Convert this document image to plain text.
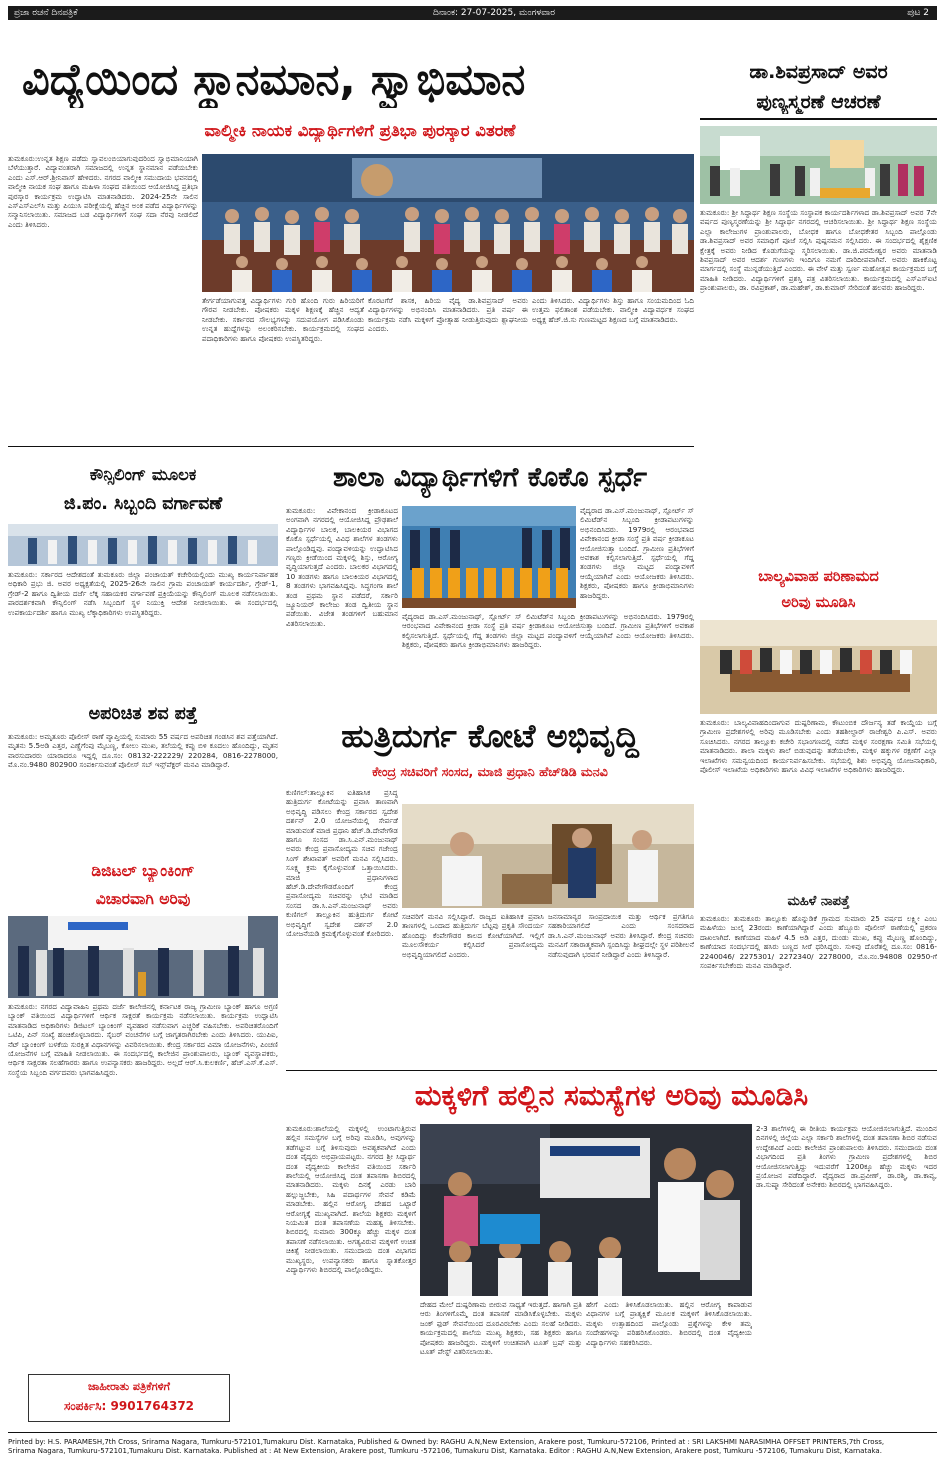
ಪ್ರಜಾ ರಚನೆ ದಿನಪತ್ರಿಕೆ	ದಿನಾಂಕ: 27-07-2025, ಮಂಗಳವಾರ	ಪುಟ 2
ವಿದ್ಯೆಯಿಂದ ಸ್ಥಾನಮಾನ, ಸ್ವಾಭಿಮಾನ
ವಾಲ್ಮೀಕಿ ನಾಯಕ ವಿದ್ಯಾರ್ಥಿಗಳಿಗೆ ಪ್ರತಿಭಾ ಪುರಸ್ಕಾರ ವಿತರಣೆ
ತುಮಕೂರು:ಉನ್ನತ ಶಿಕ್ಷಣ ಪಡೆದು ಸ್ವಾವಲಂಬಿಯಾಗುವುದರಿಂದ ಸ್ವಾಭಿಮಾನಿಯಾಗಿ ಬೆಳೆಯುತ್ತಾರೆ. ವಿದ್ಯಾವಂತರಾಗಿ ಸಮಾಜದಲ್ಲಿ ಉನ್ನತ ಸ್ಥಾನಮಾನ ಪಡೆಯಬೇಕು ಎಂದು ಎಸ್.ಆರ್.ಶ್ರೀನಿವಾಸ್ ಹೇಳಿದರು. ನಗರದ ವಾಲ್ಮೀಕಿ ಸಮುದಾಯ ಭವನದಲ್ಲಿ ವಾಲ್ಮೀಕಿ ನಾಯಕ ಸಂಘ ಹಾಗೂ ಮಹಿಳಾ ಸಂಘದ ವತಿಯಿಂದ ಆಯೋಜಿಸಿದ್ದ ಪ್ರತಿಭಾ ಪುರಸ್ಕಾರ ಕಾರ್ಯಕ್ರಮ ಉದ್ಘಾಟಿಸಿ ಮಾತನಾಡಿದರು. 2024-25ನೇ ಸಾಲಿನ ಎಸ್‌ಎಸ್‌ಎಲ್‌ಸಿ ಮತ್ತು ಪಿಯುಸಿ ಪರೀಕ್ಷೆಯಲ್ಲಿ ಹೆಚ್ಚಿನ ಅಂಕ ಪಡೆದ ವಿದ್ಯಾರ್ಥಿಗಳನ್ನು ಸನ್ಮಾನಿಸಲಾಯಿತು. ಸಮಾಜದ ಬಡ ವಿದ್ಯಾರ್ಥಿಗಳಿಗೆ ಸಂಘ ಸದಾ ನೆರವು ನೀಡಲಿದೆ ಎಂದು ತಿಳಿಸಿದರು.
ತೇರ್ಗಡೆಯಾಗುವತ್ತ ವಿದ್ಯಾರ್ಥಿಗಳು ಗುರಿ ಹೊಂದಿ ಗುರು ಹಿರಿಯರಿಗೆ ಗೌರವ ನೀಡಬೇಕು. ಪೋಷಕರು ಮಕ್ಕಳ ಶಿಕ್ಷಣಕ್ಕೆ ಹೆಚ್ಚಿನ ಆದ್ಯತೆ ನೀಡಬೇಕು. ಸರ್ಕಾರದ ಸೌಲಭ್ಯಗಳನ್ನು ಸದುಪಯೋಗ ಪಡಿಸಿಕೊಂಡು ಉನ್ನತ ಹುದ್ದೆಗಳನ್ನು ಅಲಂಕರಿಸಬೇಕು. ಕಾರ್ಯಕ್ರಮದಲ್ಲಿ ಸಂಘದ ಪದಾಧಿಕಾರಿಗಳು ಹಾಗೂ ಪೋಷಕರು ಉಪಸ್ಥಿತರಿದ್ದರು.
ಕೊರಟಗೆರೆ ಶಾಸಕ, ಹಿರಿಯ ವೈದ್ಯ ಡಾ.ಶಿವಪ್ರಸಾದ್ ಅವರು ವಿದ್ಯಾರ್ಥಿಗಳನ್ನು ಅಭಿನಂದಿಸಿ ಮಾತನಾಡಿದರು. ಪ್ರತಿ ವರ್ಷ ಈ ಕಾರ್ಯಕ್ರಮ ನಡೆಸಿ ಮಕ್ಕಳಿಗೆ ಪ್ರೋತ್ಸಾಹ ನೀಡುತ್ತಿರುವುದು ಶ್ಲಾಘನೀಯ ಎಂದರು.
ಎಂದು ತಿಳಿಸಿದರು. ವಿದ್ಯಾರ್ಥಿಗಳು ಶಿಸ್ತು ಹಾಗೂ ಸಂಯಮದಿಂದ ಓದಿ ಉತ್ತಮ ಫಲಿತಾಂಶ ಪಡೆಯಬೇಕು. ವಾಲ್ಮೀಕಿ ವಿದ್ಯಾವರ್ಧಕ ಸಂಘದ ಅಧ್ಯಕ್ಷ ಹೆಚ್.ಜಿ.ಸು ಗುಣಮಟ್ಟದ ಶಿಕ್ಷಣದ ಬಗ್ಗೆ ಮಾತನಾಡಿದರು.
ಡಾ.ಶಿವಪ್ರಸಾದ್ ಅವರ
ಪುಣ್ಯಸ್ಮರಣೆ ಆಚರಣೆ
ತುಮಕೂರು: ಶ್ರೀ ಸಿದ್ಧಾರ್ಥ ಶಿಕ್ಷಣ ಸಂಸ್ಥೆಯ ಸಂಸ್ಥಾಪಕ ಕಾರ್ಯದರ್ಶಿಗಳಾದ ಡಾ.ಶಿವಪ್ರಸಾದ್ ಅವರ 7ನೇ ವರ್ಷದ ಪುಣ್ಯಸ್ಮರಣೆಯನ್ನು ಶ್ರೀ ಸಿದ್ಧಾರ್ಥ ನಗರದಲ್ಲಿ ಆಚರಿಸಲಾಯಿತು. ಶ್ರೀ ಸಿದ್ಧಾರ್ಥ ಶಿಕ್ಷಣ ಸಂಸ್ಥೆಯ ಎಲ್ಲಾ ಕಾಲೇಜುಗಳ ಪ್ರಾಂಶುಪಾಲರು, ಬೋಧಕ ಹಾಗೂ ಬೋಧಕೇತರ ಸಿಬ್ಬಂದಿ ಪಾಲ್ಗೊಂಡು ಡಾ.ಶಿವಪ್ರಸಾದ್ ಅವರ ಸಮಾಧಿಗೆ ಪೂಜೆ ಸಲ್ಲಿಸಿ ಪುಷ್ಪನಮನ ಸಲ್ಲಿಸಿದರು. ಈ ಸಂದರ್ಭದಲ್ಲಿ ಶೈಕ್ಷಣಿಕ ಕ್ಷೇತ್ರಕ್ಕೆ ಅವರು ನೀಡಿದ ಕೊಡುಗೆಯನ್ನು ಸ್ಮರಿಸಲಾಯಿತು. ಡಾ.ಜಿ.ಪರಮೇಶ್ವರ ಅವರು ಮಾತನಾಡಿ ಶಿವಪ್ರಸಾದ್ ಅವರ ಆದರ್ಶ ಗುಣಗಳು ಇಂದಿಗೂ ನಮಗೆ ದಾರಿದೀಪವಾಗಿವೆ. ಅವರು ಹಾಕಿಕೊಟ್ಟ ಮಾರ್ಗದಲ್ಲಿ ಸಂಸ್ಥೆ ಮುನ್ನಡೆಯುತ್ತಿದೆ ಎಂದರು. ಈ ವೇಳೆ ಮತ್ತು ಸ್ವರ್ಣ ಮಹೋತ್ಸವ ಕಾರ್ಯಕ್ರಮದ ಬಗ್ಗೆ ಮಾಹಿತಿ ನೀಡಿದರು. ವಿದ್ಯಾರ್ಥಿಗಳಿಗೆ ಪ್ರಶಸ್ತಿ ಪತ್ರ ವಿತರಿಸಲಾಯಿತು. ಕಾರ್ಯಕ್ರಮದಲ್ಲಿ ಎಸ್‌ಎಸ್‌ಐಟಿ ಪ್ರಾಂಶುಪಾಲರು, ಡಾ. ರವಿಪ್ರಕಾಶ್, ಡಾ.ಮಹೇಶ್, ಡಾ.ಕುಮಾರ್ ಸೇರಿದಂತೆ ಹಲವರು ಹಾಜರಿದ್ದರು.
ಕೌನ್ಸಿಲಿಂಗ್ ಮೂಲಕ
ಜಿ.ಪಂ. ಸಿಬ್ಬಂದಿ ವರ್ಗಾವಣೆ
ತುಮಕೂರು: ಸರ್ಕಾರದ ಆದೇಶದಂತೆ ತುಮಕೂರು ಜಿಲ್ಲಾ ಪಂಚಾಯತ್ ಕಚೇರಿಯಲ್ಲಿಂದು ಮುಖ್ಯ ಕಾರ್ಯನಿರ್ವಾಹಕ ಅಧಿಕಾರಿ ಪ್ರಭು ಜಿ. ಅವರ ಅಧ್ಯಕ್ಷತೆಯಲ್ಲಿ 2025-26ನೇ ಸಾಲಿನ ಗ್ರಾಮ ಪಂಚಾಯತ್ ಕಾರ್ಯದರ್ಶಿ, ಗ್ರೇಡ್-1, ಗ್ರೇಡ್-2 ಹಾಗೂ ದ್ವಿತೀಯ ದರ್ಜೆ ಲೆಕ್ಕ ಸಹಾಯಕರ ವರ್ಗಾವಣೆ ಪ್ರಕ್ರಿಯೆಯನ್ನು ಕೌನ್ಸಿಲಿಂಗ್ ಮೂಲಕ ನಡೆಸಲಾಯಿತು. ಪಾರದರ್ಶಕವಾಗಿ ಕೌನ್ಸಿಲಿಂಗ್ ನಡೆಸಿ ಸಿಬ್ಬಂದಿಗೆ ಸ್ಥಳ ನಿಯುಕ್ತಿ ಆದೇಶ ನೀಡಲಾಯಿತು. ಈ ಸಂದರ್ಭದಲ್ಲಿ ಉಪಕಾರ್ಯದರ್ಶಿ ಹಾಗೂ ಮುಖ್ಯ ಲೆಕ್ಕಾಧಿಕಾರಿಗಳು ಉಪಸ್ಥಿತರಿದ್ದರು.
ಅಪರಿಚಿತ ಶವ ಪತ್ತೆ
ತುಮಕೂರು: ಅಮೃತೂರು ಪೊಲೀಸ್ ಠಾಣೆ ವ್ಯಾಪ್ತಿಯಲ್ಲಿ ಸುಮಾರು 55 ವರ್ಷದ ಅಪರಿಚಿತ ಗಂಡಸಿನ ಶವ ಪತ್ತೆಯಾಗಿದೆ. ಮೃತನು 5.5ಅಡಿ ಎತ್ತರ, ಎಣ್ಣೆಗೆಂಪು ಮೈಬಣ್ಣ, ಕೋಲು ಮುಖ, ತಲೆಯಲ್ಲಿ ಕಪ್ಪು ಬಿಳಿ ಕೂದಲು ಹೊಂದಿದ್ದು, ಮೃತನ ವಾರಸುದಾರರು ಯಾರಾದರೂ ಇದ್ದಲ್ಲಿ ದೂ.ಸಂ: 08132-222229/ 220284, 0816-2278000, ಮೊ.ನಂ.9480 802900 ಸಂಪರ್ಕಿಸುವಂತೆ ಪೊಲೀಸ್ ಸಬ್ ಇನ್ಸ್‌ಪೆಕ್ಟರ್ ಮನವಿ ಮಾಡಿದ್ದಾರೆ.
ಡಿಜಿಟಲ್ ಬ್ಯಾಂಕಿಂಗ್
ವಿಚಾರವಾಗಿ ಅರಿವು
ತುಮಕೂರು: ನಗರದ ವಿದ್ಯಾವಾಹಿನಿ ಪ್ರಥಮ ದರ್ಜೆ ಕಾಲೇಜಿನಲ್ಲಿ ಕರ್ನಾಟಕ ರಾಜ್ಯ ಗ್ರಾಮೀಣ ಬ್ಯಾಂಕ್ ಹಾಗೂ ಅಗ್ರಣಿ ಬ್ಯಾಂಕ್ ವತಿಯಿಂದ ವಿದ್ಯಾರ್ಥಿಗಳಿಗೆ ಆರ್ಥಿಕ ಸಾಕ್ಷರತೆ ಕಾರ್ಯಕ್ರಮ ನಡೆಸಲಾಯಿತು. ಕಾರ್ಯಕ್ರಮ ಉದ್ಘಾಟಿಸಿ ಮಾತನಾಡಿದ ಅಧಿಕಾರಿಗಳು ಡಿಜಿಟಲ್ ಬ್ಯಾಂಕಿಂಗ್ ವ್ಯವಹಾರ ನಡೆಸುವಾಗ ಎಚ್ಚರಿಕೆ ವಹಿಸಬೇಕು. ಅಪರಿಚಿತರೊಂದಿಗೆ ಒಟಿಪಿ, ಪಿನ್ ಸಂಖ್ಯೆ ಹಂಚಿಕೊಳ್ಳಬಾರದು. ಸೈಬರ್ ವಂಚನೆಗಳ ಬಗ್ಗೆ ಜಾಗೃತರಾಗಿರಬೇಕು ಎಂದು ತಿಳಿಸಿದರು. ಯುಪಿಐ, ನೆಟ್ ಬ್ಯಾಂಕಿಂಗ್ ಬಳಕೆಯ ಸುರಕ್ಷಿತ ವಿಧಾನಗಳನ್ನು ವಿವರಿಸಲಾಯಿತು. ಕೇಂದ್ರ ಸರ್ಕಾರದ ವಿಮಾ ಯೋಜನೆಗಳು, ಪಿಂಚಣಿ ಯೋಜನೆಗಳ ಬಗ್ಗೆ ಮಾಹಿತಿ ನೀಡಲಾಯಿತು. ಈ ಸಂದರ್ಭದಲ್ಲಿ ಕಾಲೇಜಿನ ಪ್ರಾಂಶುಪಾಲರು, ಬ್ಯಾಂಕ್ ವ್ಯವಸ್ಥಾಪಕರು, ಆರ್ಥಿಕ ಸಾಕ್ಷರತಾ ಸಲಹೆಗಾರರು ಹಾಗೂ ಉಪನ್ಯಾಸಕರು ಹಾಜರಿದ್ದರು. ಅಲ್ಲದೆ ಆರ್.ಸಿ.ಕುಲಕರ್ಣಿ, ಹೆಚ್.ಎಸ್.ಕೆ.ಎಸ್. ಸಂಸ್ಥೆಯ ಸಿಬ್ಬಂದಿ ವರ್ಗದವರು ಭಾಗವಹಿಸಿದ್ದರು.
ಜಾಹೀರಾತು ಪತ್ರಿಕೆಗಳಿಗೆ
ಸಂಪರ್ಕಿಸಿ: 9901764372
ಶಾಲಾ ವಿದ್ಯಾರ್ಥಿಗಳಿಗೆ ಕೊಕೊ ಸ್ಪರ್ಧೆ
ತುಮಕೂರು: ವಿವೇಕಾನಂದ ಕ್ರೀಡಾಕೂಟದ ಅಂಗವಾಗಿ ನಗರದಲ್ಲಿ ಆಯೋಜಿಸಿದ್ದ ಪ್ರೌಢಶಾಲೆ ವಿದ್ಯಾರ್ಥಿಗಳ ಬಾಲಕ, ಬಾಲಕಿಯರ ವಿಭಾಗದ ಕೊಕೊ ಸ್ಪರ್ಧೆಯಲ್ಲಿ ವಿವಿಧ ಶಾಲೆಗಳ ತಂಡಗಳು ಪಾಲ್ಗೊಂಡಿದ್ದವು. ಪಂದ್ಯಾವಳಿಯನ್ನು ಉದ್ಘಾಟಿಸಿದ ಗಣ್ಯರು ಕ್ರೀಡೆಯಿಂದ ಮಕ್ಕಳಲ್ಲಿ ಶಿಸ್ತು, ಆರೋಗ್ಯ ವೃದ್ಧಿಯಾಗುತ್ತದೆ ಎಂದರು. ಬಾಲಕರ ವಿಭಾಗದಲ್ಲಿ 10 ತಂಡಗಳು ಹಾಗೂ ಬಾಲಕಿಯರ ವಿಭಾಗದಲ್ಲಿ 8 ತಂಡಗಳು ಭಾಗವಹಿಸಿದ್ದವು. ಸಿದ್ಧಗಂಗಾ ಶಾಲೆ ತಂಡ ಪ್ರಥಮ ಸ್ಥಾನ ಪಡೆದರೆ, ಸರ್ಕಾರಿ ಜ್ಯೂನಿಯರ್ ಕಾಲೇಜು ತಂಡ ದ್ವಿತೀಯ ಸ್ಥಾನ ಪಡೆಯಿತು. ವಿಜೇತ ತಂಡಗಳಿಗೆ ಬಹುಮಾನ ವಿತರಿಸಲಾಯಿತು.
ವೈದ್ಯರಾದ ಡಾ.ಎಸ್.ಮಂಜುನಾಥ್, ಸ್ಪೋರ್ಟ್ ಸ್ ಲಿಮಿಟೆಡ್‌ನ ಸಿಬ್ಬಂದಿ ಕ್ರೀಡಾಪಟುಗಳನ್ನು ಅಭಿನಂದಿಸಿದರು. 1979ರಲ್ಲಿ ಆರಂಭವಾದ ವಿವೇಕಾನಂದ ಕ್ರೀಡಾ ಸಂಸ್ಥೆ ಪ್ರತಿ ವರ್ಷ ಕ್ರೀಡಾಕೂಟ ಆಯೋಜಿಸುತ್ತಾ ಬಂದಿದೆ. ಗ್ರಾಮೀಣ ಪ್ರತಿಭೆಗಳಿಗೆ ಅವಕಾಶ ಕಲ್ಪಿಸಲಾಗುತ್ತಿದೆ. ಸ್ಪರ್ಧೆಯಲ್ಲಿ ಗೆದ್ದ ತಂಡಗಳು ಜಿಲ್ಲಾ ಮಟ್ಟದ ಪಂದ್ಯಾವಳಿಗೆ ಆಯ್ಕೆಯಾಗಿವೆ ಎಂದು ಆಯೋಜಕರು ತಿಳಿಸಿದರು. ಶಿಕ್ಷಕರು, ಪೋಷಕರು ಹಾಗೂ ಕ್ರೀಡಾಭಿಮಾನಿಗಳು ಹಾಜರಿದ್ದರು.
ವೈದ್ಯರಾದ ಡಾ.ಎಸ್.ಮಂಜುನಾಥ್, ಸ್ಪೋರ್ಟ್ ಸ್ ಲಿಮಿಟೆಡ್‌ನ ಸಿಬ್ಬಂದಿ ಕ್ರೀಡಾಪಟುಗಳನ್ನು ಅಭಿನಂದಿಸಿದರು. 1979ರಲ್ಲಿ ಆರಂಭವಾದ ವಿವೇಕಾನಂದ ಕ್ರೀಡಾ ಸಂಸ್ಥೆ ಪ್ರತಿ ವರ್ಷ ಕ್ರೀಡಾಕೂಟ ಆಯೋಜಿಸುತ್ತಾ ಬಂದಿದೆ. ಗ್ರಾಮೀಣ ಪ್ರತಿಭೆಗಳಿಗೆ ಅವಕಾಶ ಕಲ್ಪಿಸಲಾಗುತ್ತಿದೆ. ಸ್ಪರ್ಧೆಯಲ್ಲಿ ಗೆದ್ದ ತಂಡಗಳು ಜಿಲ್ಲಾ ಮಟ್ಟದ ಪಂದ್ಯಾವಳಿಗೆ ಆಯ್ಕೆಯಾಗಿವೆ ಎಂದು ಆಯೋಜಕರು ತಿಳಿಸಿದರು. ಶಿಕ್ಷಕರು, ಪೋಷಕರು ಹಾಗೂ ಕ್ರೀಡಾಭಿಮಾನಿಗಳು ಹಾಜರಿದ್ದರು.
ಬಾಲ್ಯವಿವಾಹ ಪರಿಣಾಮದ
ಅರಿವು ಮೂಡಿಸಿ
ತುಮಕೂರು: ಬಾಲ್ಯವಿವಾಹದಿಂದಾಗುವ ದುಷ್ಪರಿಣಾಮ, ಕೌಟುಂಬಿಕ ದೌರ್ಜನ್ಯ ತಡೆ ಕಾಯ್ದೆಯ ಬಗ್ಗೆ ಗ್ರಾಮೀಣ ಪ್ರದೇಶಗಳಲ್ಲಿ ಅರಿವು ಮೂಡಿಸಬೇಕು ಎಂದು ತಹಶೀಲ್ದಾರ್ ರಾಜೇಶ್ವರಿ ಪಿ.ಎಸ್. ಅವರು ಸೂಚಿಸಿದರು. ನಗರದ ತಾಲ್ಲೂಕು ಕಚೇರಿ ಸಭಾಂಗಣದಲ್ಲಿ ನಡೆದ ಮಕ್ಕಳ ಸಂರಕ್ಷಣಾ ಸಮಿತಿ ಸಭೆಯಲ್ಲಿ ಮಾತನಾಡಿದರು. ಶಾಲಾ ಮಕ್ಕಳು ಶಾಲೆ ಬಿಡುವುದನ್ನು ತಡೆಯಬೇಕು, ಮಕ್ಕಳ ಹಕ್ಕುಗಳ ರಕ್ಷಣೆಗೆ ಎಲ್ಲಾ ಇಲಾಖೆಗಳು ಸಮನ್ವಯದಿಂದ ಕಾರ್ಯನಿರ್ವಹಿಸಬೇಕು. ಸಭೆಯಲ್ಲಿ ಶಿಶು ಅಭಿವೃದ್ಧಿ ಯೋಜನಾಧಿಕಾರಿ, ಪೊಲೀಸ್ ಇಲಾಖೆಯ ಅಧಿಕಾರಿಗಳು ಹಾಗೂ ವಿವಿಧ ಇಲಾಖೆಗಳ ಅಧಿಕಾರಿಗಳು ಹಾಜರಿದ್ದರು.
ಮಹಿಳೆ ನಾಪತ್ತೆ
ತುಮಕೂರು: ತುಮಕೂರು ತಾಲ್ಲೂಕು ಹೊನ್ನುಡಿಕೆ ಗ್ರಾಮದ ಸುಮಾರು 25 ವರ್ಷದ ಲಕ್ಷ್ಮೀ ಎಂಬ ಮಹಿಳೆಯು ಜುಲೈ 23ರಂದು ಕಾಣೆಯಾಗಿದ್ದಾರೆ ಎಂದು ಹೆಬ್ಬೂರು ಪೊಲೀಸ್ ಠಾಣೆಯಲ್ಲಿ ಪ್ರಕರಣ ದಾಖಲಾಗಿದೆ. ಕಾಣೆಯಾದ ಮಹಿಳೆ 4.5 ಅಡಿ ಎತ್ತರ, ದುಂಡು ಮುಖ, ಕಪ್ಪು ಮೈಬಣ್ಣ ಹೊಂದಿದ್ದು, ಕಾಣೆಯಾದ ಸಂದರ್ಭದಲ್ಲಿ ಹಸಿರು ಬಣ್ಣದ ಸೀರೆ ಧರಿಸಿದ್ದರು. ಸುಳಿವು ದೊರೆತಲ್ಲಿ ದೂ.ಸಂ: 0816-2240046/ 2275301/ 2272340/ 2278000, ಮೊ.ನಂ.94808 02950-ಗೆ ಸಂಪರ್ಕಿಸಬೇಕೆಂದು ಮನವಿ ಮಾಡಿದ್ದಾರೆ.
ಹುತ್ರಿದುರ್ಗ ಕೋಟೆ ಅಭಿವೃದ್ಧಿ
ಕೇಂದ್ರ ಸಚಿವರಿಗೆ ಸಂಸದ, ಮಾಜಿ ಪ್ರಧಾನಿ ಹೆಚ್‌ಡಿಡಿ ಮನವಿ
ಕುಣಿಗಲ್:ತಾಲ್ಲೂಕಿನ ಐತಿಹಾಸಿಕ ಪ್ರಸಿದ್ಧ ಹುತ್ರಿದುರ್ಗ ಕೋಟೆಯನ್ನು ಪ್ರವಾಸಿ ತಾಣವಾಗಿ ಅಭಿವೃದ್ಧಿ ಪಡಿಸಲು ಕೇಂದ್ರ ಸರ್ಕಾರದ ಸ್ವದೇಶ ದರ್ಶನ್ 2.0 ಯೋಜನೆಯಲ್ಲಿ ಸೇರ್ಪಡೆ ಮಾಡುವಂತೆ ಮಾಜಿ ಪ್ರಧಾನಿ ಹೆಚ್.ಡಿ.ದೇವೇಗೌಡ ಹಾಗೂ ಸಂಸದ ಡಾ.ಸಿ.ಎನ್.ಮಂಜುನಾಥ್ ಅವರು ಕೇಂದ್ರ ಪ್ರವಾಸೋದ್ಯಮ ಸಚಿವ ಗಜೇಂದ್ರ ಸಿಂಗ್ ಶೇಖಾವತ್ ಅವರಿಗೆ ಮನವಿ ಸಲ್ಲಿಸಿದರು. ಸೂಕ್ಷ್ಮ ಕ್ರಮ ಕೈಗೊಳ್ಳುವಂತೆ ಒತ್ತಾಯಿಸಿದರು. ಮಾಜಿ ಪ್ರಧಾನಿಗಳಾದ ಹೆಚ್.ಡಿ.ದೇವೇಗೌಡರೊಂದಿಗೆ ಕೇಂದ್ರ ಪ್ರವಾಸೋದ್ಯಮ ಸಚಿವರನ್ನು ಭೇಟಿ ಮಾಡಿದ ಸಂಸದ ಡಾ.ಸಿ.ಎನ್.ಮಂಜುನಾಥ್ ಅವರು ಕುಣಿಗಲ್ ತಾಲ್ಲೂಕಿನ ಹುತ್ರಿದುರ್ಗ ಕೋಟೆ ಅಭಿವೃದ್ಧಿಗೆ ಸ್ವದೇಶ ದರ್ಶನ್ 2.0 ಯೋಜನೆಯಡಿ ಕ್ರಮಕೈಗೊಳ್ಳುವಂತೆ ಕೋರಿದರು.
ಸಚಿವರಿಗೆ ಮನವಿ ಸಲ್ಲಿಸಿದ್ದಾರೆ. ರಾಜ್ಯದ ಐತಿಹಾಸಿಕ ಪ್ರವಾಸಿ ತಾಣಗಳಲ್ಲಿ ಒಂದಾದ ಹುತ್ರಿದುರ್ಗ ಬೆಟ್ಟವು ಪ್ರಕೃತಿ ಸೌಂದರ್ಯ ಹೊಂದಿದ್ದು ಕೆಂಪೇಗೌಡರ ಕಾಲದ ಕೋಟೆಯಾಗಿದೆ. ಇಲ್ಲಿಗೆ ಮೂಲಸೌಕರ್ಯ ಕಲ್ಪಿಸಿದರೆ ಪ್ರವಾಸೋದ್ಯಮ ಅಭಿವೃದ್ಧಿಯಾಗಲಿದೆ ಎಂದರು.
ಜನಸಾಮಾನ್ಯರ ಸಾಂಪ್ರದಾಯಿಕ ಮತ್ತು ಆರ್ಥಿಕ ಪ್ರಗತಿಗೂ ಸಹಕಾರಿಯಾಗಲಿದೆ ಎಂದು ಸಂಸದರಾದ ಡಾ.ಸಿ.ಎನ್.ಮಂಜುನಾಥ್ ಅವರು ತಿಳಿಸಿದ್ದಾರೆ. ಕೇಂದ್ರ ಸಚಿವರು ಮನವಿಗೆ ಸಕಾರಾತ್ಮಕವಾಗಿ ಸ್ಪಂದಿಸಿದ್ದು ಶೀಘ್ರದಲ್ಲೇ ಸ್ಥಳ ಪರಿಶೀಲನೆ ನಡೆಸುವುದಾಗಿ ಭರವಸೆ ನೀಡಿದ್ದಾರೆ ಎಂದು ತಿಳಿಸಿದ್ದಾರೆ.
ಮಕ್ಕಳಿಗೆ ಹಲ್ಲಿನ ಸಮಸ್ಯೆಗಳ ಅರಿವು ಮೂಡಿಸಿ
ತುಮಕೂರು:ಶಾಲೆಯಲ್ಲಿ ಮಕ್ಕಳಲ್ಲಿ ಉಂಟಾಗುತ್ತಿರುವ ಹಲ್ಲಿನ ಸಮಸ್ಯೆಗಳ ಬಗ್ಗೆ ಅರಿವು ಮೂಡಿಸಿ, ಅವುಗಳನ್ನು ತಡೆಗಟ್ಟುವ ಬಗ್ಗೆ ತಿಳಿಸುವುದು ಅವಶ್ಯಕವಾಗಿದೆ ಎಂದು ದಂತ ವೈದ್ಯರು ಅಭಿಪ್ರಾಯಪಟ್ಟರು. ನಗರದ ಶ್ರೀ ಸಿದ್ಧಾರ್ಥ ದಂತ ವೈದ್ಯಕೀಯ ಕಾಲೇಜಿನ ವತಿಯಿಂದ ಸರ್ಕಾರಿ ಶಾಲೆಯಲ್ಲಿ ಆಯೋಜಿಸಿದ್ದ ದಂತ ತಪಾಸಣಾ ಶಿಬಿರದಲ್ಲಿ ಮಾತನಾಡಿದರು. ಮಕ್ಕಳು ದಿನಕ್ಕೆ ಎರಡು ಬಾರಿ ಹಲ್ಲುಜ್ಜಬೇಕು, ಸಿಹಿ ಪದಾರ್ಥಗಳ ಸೇವನೆ ಕಡಿಮೆ ಮಾಡಬೇಕು. ಹಲ್ಲಿನ ಆರೋಗ್ಯ ದೇಹದ ಒಟ್ಟಾರೆ ಆರೋಗ್ಯಕ್ಕೆ ಮುಖ್ಯವಾಗಿದೆ. ಶಾಲೆಯ ಶಿಕ್ಷಕರು ಮಕ್ಕಳಿಗೆ ನಿಯಮಿತ ದಂತ ತಪಾಸಣೆಯ ಮಹತ್ವ ತಿಳಿಸಬೇಕು. ಶಿಬಿರದಲ್ಲಿ ಸುಮಾರು 300ಕ್ಕೂ ಹೆಚ್ಚು ಮಕ್ಕಳ ದಂತ ತಪಾಸಣೆ ನಡೆಸಲಾಯಿತು. ಅಗತ್ಯವಿರುವ ಮಕ್ಕಳಿಗೆ ಉಚಿತ ಚಿಕಿತ್ಸೆ ನೀಡಲಾಯಿತು. ಸಮುದಾಯ ದಂತ ವಿಭಾಗದ ಮುಖ್ಯಸ್ಥರು, ಉಪನ್ಯಾಸಕರು ಹಾಗೂ ಸ್ನಾತಕೋತ್ತರ ವಿದ್ಯಾರ್ಥಿಗಳು ಶಿಬಿರದಲ್ಲಿ ಪಾಲ್ಗೊಂಡಿದ್ದರು.
ದೇಹದ ಮೇಲೆ ದುಷ್ಪರಿಣಾಮ ಬೀರುವ ಸಾಧ್ಯತೆ ಇರುತ್ತದೆ. ಹಾಗಾಗಿ ಪ್ರತಿ ಆರು ತಿಂಗಳಿಗೊಮ್ಮೆ ದಂತ ತಪಾಸಣೆ ಮಾಡಿಸಿಕೊಳ್ಳಬೇಕು. ಮಕ್ಕಳು ಜಂಕ್ ಫುಡ್ ಸೇವನೆಯಿಂದ ದೂರವಿರಬೇಕು ಎಂದು ಸಲಹೆ ನೀಡಿದರು. ಕಾರ್ಯಕ್ರಮದಲ್ಲಿ ಶಾಲೆಯ ಮುಖ್ಯ ಶಿಕ್ಷಕರು, ಸಹ ಶಿಕ್ಷಕರು ಹಾಗೂ ಪೋಷಕರು ಹಾಜರಿದ್ದರು. ಮಕ್ಕಳಿಗೆ ಉಚಿತವಾಗಿ ಟೂತ್ ಬ್ರಷ್ ಮತ್ತು ಟೂತ್ ಪೇಸ್ಟ್ ವಿತರಿಸಲಾಯಿತು.
ಹೇಗೆ ಎಂದು ತಿಳಿಸಿಕೊಡಲಾಯಿತು. ಹಲ್ಲಿನ ಆರೋಗ್ಯ ಕಾಪಾಡುವ ವಿಧಾನಗಳ ಬಗ್ಗೆ ಪ್ರಾತ್ಯಕ್ಷಿಕೆ ಮೂಲಕ ಮಕ್ಕಳಿಗೆ ತಿಳಿಸಿಕೊಡಲಾಯಿತು. ಮಕ್ಕಳು ಉತ್ಸಾಹದಿಂದ ಪಾಲ್ಗೊಂಡು ಪ್ರಶ್ನೆಗಳನ್ನು ಕೇಳಿ ತಮ್ಮ ಸಂದೇಹಗಳನ್ನು ಪರಿಹರಿಸಿಕೊಂಡರು. ಶಿಬಿರದಲ್ಲಿ ದಂತ ವೈದ್ಯಕೀಯ ವಿದ್ಯಾರ್ಥಿಗಳು ಸಹಕರಿಸಿದರು.
2-3 ಶಾಲೆಗಳಲ್ಲಿ ಈ ರೀತಿಯ ಕಾರ್ಯಕ್ರಮ ಆಯೋಜಿಸಲಾಗುತ್ತಿದೆ. ಮುಂದಿನ ದಿನಗಳಲ್ಲಿ ಜಿಲ್ಲೆಯ ಎಲ್ಲಾ ಸರ್ಕಾರಿ ಶಾಲೆಗಳಲ್ಲಿ ದಂತ ತಪಾಸಣಾ ಶಿಬಿರ ನಡೆಸುವ ಉದ್ದೇಶವಿದೆ ಎಂದು ಕಾಲೇಜಿನ ಪ್ರಾಂಶುಪಾಲರು ತಿಳಿಸಿದರು. ಸಮುದಾಯ ದಂತ ವಿಭಾಗದಿಂದ ಪ್ರತಿ ತಿಂಗಳು ಗ್ರಾಮೀಣ ಪ್ರದೇಶಗಳಲ್ಲಿ ಶಿಬಿರ ಆಯೋಜಿಸಲಾಗುತ್ತಿದ್ದು ಇದುವರೆಗೆ 1200ಕ್ಕೂ ಹೆಚ್ಚು ಮಕ್ಕಳು ಇದರ ಪ್ರಯೋಜನ ಪಡೆದಿದ್ದಾರೆ. ವೈದ್ಯರಾದ ಡಾ.ಪ್ರವೀಣ್, ಡಾ.ರಶ್ಮಿ, ಡಾ.ಕಾವ್ಯ, ಡಾ.ಸುಷ್ಮಾ ಸೇರಿದಂತೆ ಅನೇಕರು ಶಿಬಿರದಲ್ಲಿ ಭಾಗವಹಿಸಿದ್ದರು.
Printed by: H.S. PARAMESH,7th Cross, Srirama Nagara, Tumkuru-572101,Tumakuru Dist. Karnataka, Published & Owned by: RAGHU A.N,New Extension, Arakere post, Tumkuru-572106, Printed at : SRI LAKSHMI NARASIMHA OFFSET PRINTERS,7th Cross,
Srirama Nagara, Tumkuru-572101,Tumakuru Dist. Karnataka. Published at : At New Extension, Arakere post, Tumkuru -572106, Tumakuru Dist, Karnataka. Editor : RAGHU A.N,New Extension, Arakere post, Tumkuru -572106, Tumakuru Dist, Karnataka.
